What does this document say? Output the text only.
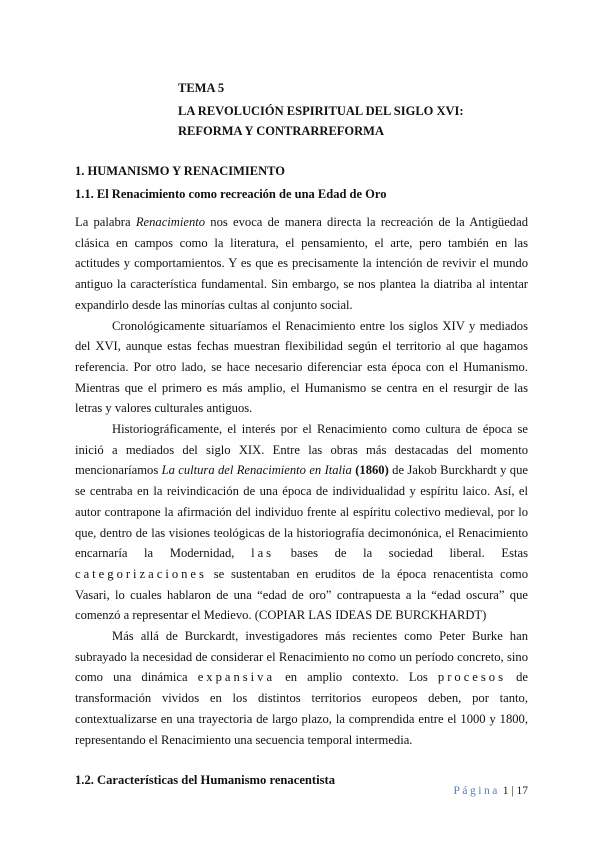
TEMA 5
LA REVOLUCIÓN ESPIRITUAL DEL SIGLO XVI:
REFORMA Y CONTRARREFORMA
1. HUMANISMO Y RENACIMIENTO
1.1. El Renacimiento como recreación de una Edad de Oro

La palabra Renacimiento nos evoca de manera directa la recreación de la Antigüedad clásica en campos como la literatura, el pensamiento, el arte, pero también en las actitudes y comportamientos. Y es que es precisamente la intención de revivir el mundo antiguo la característica fundamental. Sin embargo, se nos plantea la diatriba al intentar expandirlo desde las minorías cultas al conjunto social.

Cronológicamente situaríamos el Renacimiento entre los siglos XIV y mediados del XVI, aunque estas fechas muestran flexibilidad según el territorio al que hagamos referencia. Por otro lado, se hace necesario diferenciar esta época con el Humanismo. Mientras que el primero es más amplio, el Humanismo se centra en el resurgir de las letras y valores culturales antiguos.

Historiográficamente, el interés por el Renacimiento como cultura de época se inició a mediados del siglo XIX. Entre las obras más destacadas del momento mencionaríamos La cultura del Renacimiento en Italia (1860) de Jakob Burckhardt y que se centraba en la reivindicación de una época de individualidad y espíritu laico. Así, el autor contrapone la afirmación del individuo frente al espíritu colectivo medieval, por lo que, dentro de las visiones teológicas de la historiografía decimonónica, el Renacimiento encarnaría la Modernidad, las bases de la sociedad liberal. Estas categorizaciones se sustentaban en eruditos de la época renacentista como Vasari, lo cuales hablaron de una “edad de oro” contrapuesta a la “edad oscura” que comenzó a representar el Medievo. (COPIAR LAS IDEAS DE BURCKHARDT)

Más allá de Burckardt, investigadores más recientes como Peter Burke han subrayado la necesidad de considerar el Renacimiento no como un período concreto, sino como una dinámica expansiva en amplio contexto. Los procesos de transformación vividos en los distintos territorios europeos deben, por tanto, contextualizarse en una trayectoria de largo plazo, la comprendida entre el 1000 y 1800, representando el Renacimiento una secuencia temporal intermedia.

1.2. Características del Humanismo renacentista
Página 1 | 17
